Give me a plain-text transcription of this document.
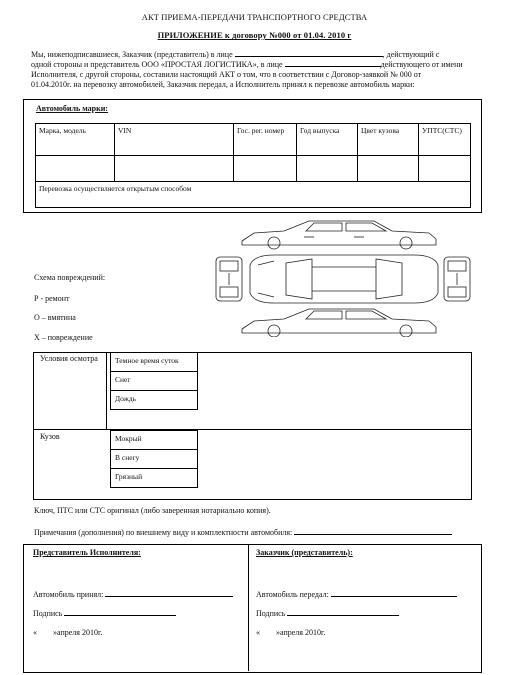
АКТ ПРИЕМА-ПЕРЕДАЧИ ТРАНСПОРТНОГО СРЕДСТВА
ПРИЛОЖЕНИЕ к договору №000 от 01.04. 2010 г
Мы, нижеподписавшиеся, Заказчик (представитель) в лице	, действующий с
одной стороны и представитель ООО «ПРОСТАЯ ЛОГИСТИКА», в лице	действующего от имени
Исполнителя, с другой стороны, составили настоящий АКТ о том, что в соответствии с Договор-заявкой № 000 от
01.04.2010г. на перевозку автомобилей, Заказчик передал, а Исполнитель принял к перевозке автомобиль марки:
Автомобиль марки:
Марка, модель	VIN	Гос. рег. номер	Год выпуска	Цвет кузова	УПТС(СТС)

Перевозка осуществляется открытым способом					
Схема повреждений:
Р - ремонт
О – вмятина
Х – повреждение
Условия осмотра	Темное время суток
Снег
Дождь
Кузов	Мокрый
В снегу
Грязный
Ключ, ПТС или СТС оригинал (либо заверенная нотариально копия).
Примечания (дополнения) по внешнему виду и комплектности автомобиля:
Представитель Исполнителя:
Автомобиль принял:
Подпись
« »апреля 2010г.
Заказчик (представитель):
Автомобиль передал:
Подпись
« »апреля 2010г.
